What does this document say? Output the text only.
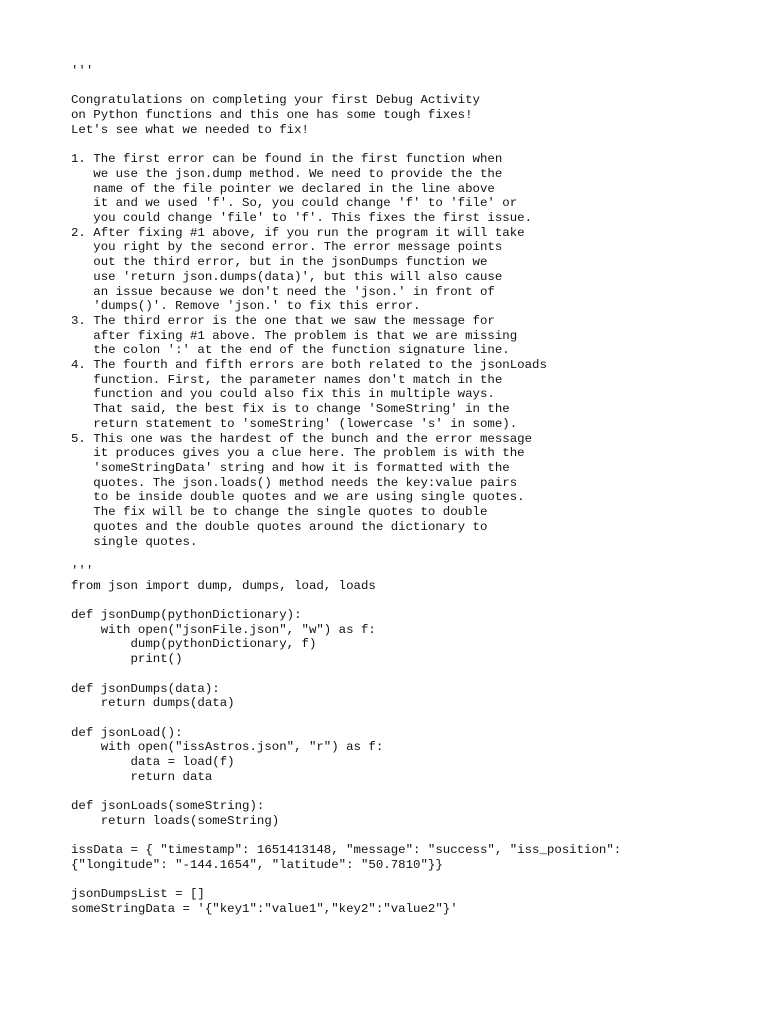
'''

Congratulations on completing your first Debug Activity
on Python functions and this one has some tough fixes!
Let's see what we needed to fix!

1. The first error can be found in the first function when
we use the json.dump method. We need to provide the the
name of the file pointer we declared in the line above
it and we used 'f'. So, you could change 'f' to 'file' or
you could change 'file' to 'f'. This fixes the first issue.
2. After fixing #1 above, if you run the program it will take
you right by the second error. The error message points
out the third error, but in the jsonDumps function we
use 'return json.dumps(data)', but this will also cause
an issue because we don't need the 'json.' in front of
'dumps()'. Remove 'json.' to fix this error.
3. The third error is the one that we saw the message for
after fixing #1 above. The problem is that we are missing
the colon ':' at the end of the function signature line.
4. The fourth and fifth errors are both related to the jsonLoads
function. First, the parameter names don't match in the
function and you could also fix this in multiple ways.
That said, the best fix is to change 'SomeString' in the
return statement to 'someString' (lowercase 's' in some).
5. This one was the hardest of the bunch and the error message
it produces gives you a clue here. The problem is with the
'someStringData' string and how it is formatted with the
quotes. The json.loads() method needs the key:value pairs
to be inside double quotes and we are using single quotes.
The fix will be to change the single quotes to double
quotes and the double quotes around the dictionary to
single quotes.

'''
from json import dump, dumps, load, loads

def jsonDump(pythonDictionary):
with open("jsonFile.json", "w") as f:
dump(pythonDictionary, f)
print()

def jsonDumps(data):
return dumps(data)

def jsonLoad():
with open("issAstros.json", "r") as f:
data = load(f)
return data

def jsonLoads(someString):
return loads(someString)

issData = { "timestamp": 1651413148, "message": "success", "iss_position":
{"longitude": "-144.1654", "latitude": "50.7810"}}

jsonDumpsList = []
someStringData = '{"key1":"value1","key2":"value2"}'
